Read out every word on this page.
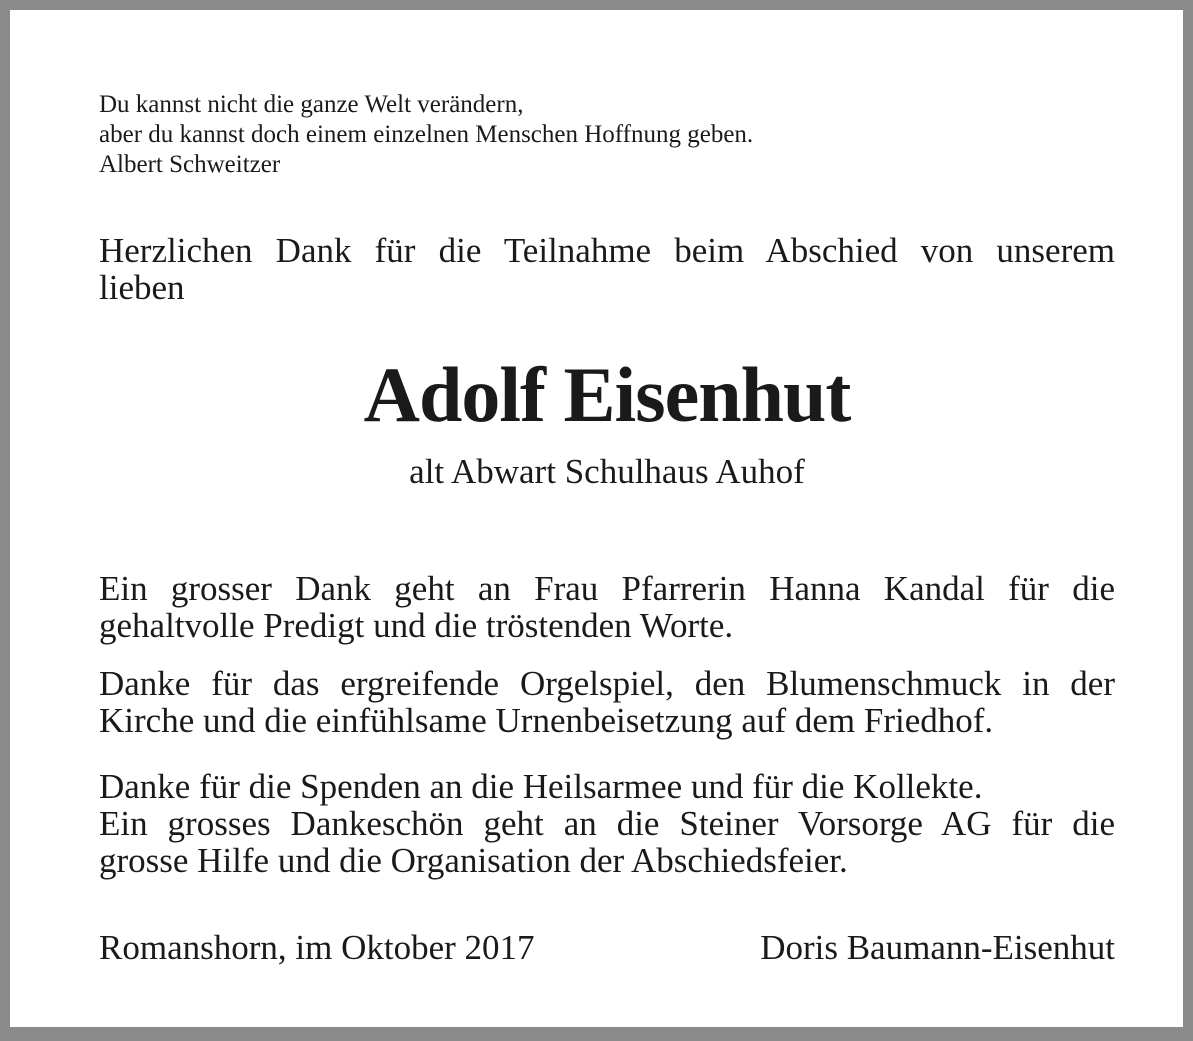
Du kannst nicht die ganze Welt verändern,
aber du kannst doch einem einzelnen Menschen Hoffnung geben.
Albert Schweitzer
Herzlichen Dank für die Teilnahme beim Abschied von unserem
lieben
Adolf Eisenhut
alt Abwart Schulhaus Auhof
Ein grosser Dank geht an Frau Pfarrerin Hanna Kandal für die
gehaltvolle Predigt und die tröstenden Worte.
Danke für das ergreifende Orgelspiel, den Blumenschmuck in der
Kirche und die einfühlsame Urnenbeisetzung auf dem Friedhof.
Danke für die Spenden an die Heilsarmee und für die Kollekte.
Ein grosses Dankeschön geht an die Steiner Vorsorge AG für die
grosse Hilfe und die Organisation der Abschiedsfeier.
Romanshorn, im Oktober 2017	Doris Baumann-Eisenhut
